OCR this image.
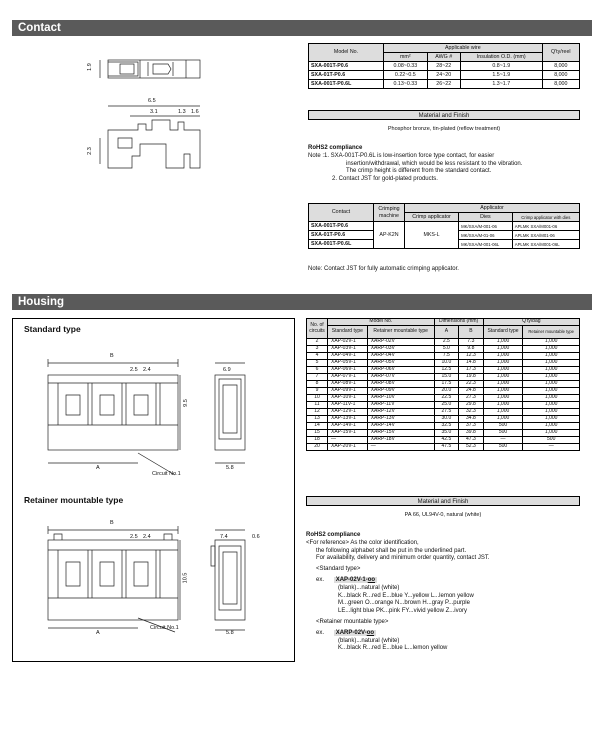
Contact
1.9
6.5
3.1	1.3 1.6
2.3
Model No.	Applicable wire			Q'ty/reel
	mm²	AWG #	Insulation O.D. (mm)	
SXA-001T-P0.6	0.08~0.33	28~22	0.8~1.9	8,000
SXA-01T-P0.6	0.22~0.5	24~20	1.5~1.9	8,000
SXA-001T-P0.6L	0.13~0.33	26~22	1.3~1.7	8,000
Material and Finish
Phosphor bronze, tin-plated (reflow treatment)
RoHS2 compliance
Note :1. SXA-001T-P0.6L is low-insertion force type contact, for easier
insertion/withdrawal, which would be less resistant to the vibration.
The crimp height is different from the standard contact.
2. Contact JST for gold-plated products.
Contact	Crimping
machine	Applicator		
		Crimp applicator	Dies	Crimp applicator with dies
SXA-001T-P0.6	AP-K2N	MKS-L	MK/SXA/M-001-06	APLMK SXA/M001-06
SXA-01T-P0.6			MK/SXA/M-01-06	APLMK SXA/M01-06
SXA-001T-P0.6L			MK/SXA/M-001-06L	APLMK SXA/M001-06L
Note: Contact JST for fully automatic crimping applicator.
Housing
Standard type
B
2.5 2.4	6.9
9.5
A
Circuit No.1
5.8
Retainer mountable type
B
2.5 2.4	7.4	0.6
10.5
A
Circuit No.1
5.8
No. of
circuits	Model No.		Dimensions (mm)		Q'ty/bag	
	Standard type	Retainer mountable type	A	B	Standard type	Retainer mountable type
2	XAP-02V-1	XARP-02V	2.5	7.3	1,000	1,000
3	XAP-03V-1	XARP-03V	5.0	9.8	1,000	1,000
4	XAP-04V-1	XARP-04V	7.5	12.3	1,000	1,000
5	XAP-05V-1	XARP-05V	10.0	14.8	1,000	1,000
6	XAP-06V-1	XARP-06V	12.5	17.3	1,000	1,000
7	XAP-07V-1	XARP-07V	15.0	19.8	1,000	1,000
8	XAP-08V-1	XARP-08V	17.5	22.3	1,000	1,000
9	XAP-09V-1	XARP-09V	20.0	24.8	1,000	1,000
10	XAP-10V-1	XARP-10V	22.5	27.3	1,000	1,000
11	XAP-11V-1	XARP-11V	25.0	29.8	1,000	1,000
12	XAP-12V-1	XARP-12V	27.5	32.3	1,000	1,000
13	XAP-13V-1	XARP-13V	30.0	34.8	1,000	1,000
14	XAP-14V-1	XARP-14V	32.5	37.3	500	1,000
15	XAP-15V-1	XARP-15V	35.0	39.8	500	1,000
18	—	XARP-18V	42.5	47.3	—	500
20	XAP-20V-1	—	47.5	52.3	500	—
Material and Finish
PA 66, UL94V-0, natural (white)
RoHS2 compliance
<For reference> As the color identification,
the following alphabet shall be put in the underlined part.
For availability, delivery and minimum order quantity, contact JST.
<Standard type>
ex. XAP-02V-1-oo
(blank)...natural (white)
K...black R...red E...blue Y...yellow L...lemon yellow
M...green O...orange N...brown H...gray P...purple
LE...light blue PK...pink FY...vivid yellow Z...ivory
<Retainer mountable type>
ex. XARP-02V-oo
(blank)...natural (white)
K...black R...red E...blue L...lemon yellow
